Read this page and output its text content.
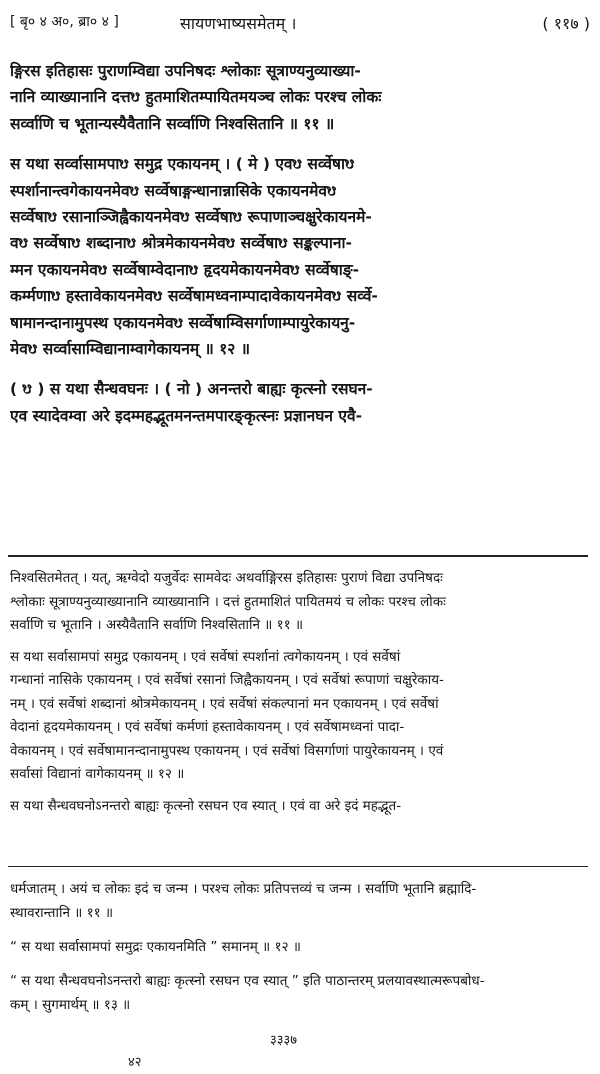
[ बृ० ४ अ०, ब्रा० ४ ]	सायणभाष्यसमेतम् ।	( ११७ )
ङ्गिरस इतिहासः पुराणम्विद्या उपनिषदः श्लोकाः सूत्राण्यनुव्याख्या-
नानि व्याख्यानानि दत्तᳪ हुतमाशितम्पायितमयञ्च लोकः परश्च लोकः
सर्व्वाणि च भूतान्यस्यैवैतानि सर्व्वाणि निश्वसितानि ॥ ११ ॥
स यथा सर्व्वासामपाᳪ समुद्र एकायनम् । ( मे ) एवᳪ सर्व्वेषाᳪ
स्पर्शानान्त्वगेकायनमेवᳪ सर्व्वेषाङ्गन्धानान्नासिके एकायनमेवᳪ
सर्व्वेषाᳪ रसानाञ्जिह्वैकायनमेवᳪ सर्व्वेषाᳪ रूपाणाञ्चक्षुरेकायनमे-
वᳪ सर्व्वेषाᳪ शब्दानाᳪ श्रोत्रमेकायनमेवᳪ सर्व्वेषाᳪ सङ्कल्पाना-
म्मन एकायनमेवᳪ सर्व्वेषाम्वेदानाᳪ हृदयमेकायनमेवᳪ सर्व्वेषाङ्-
कर्म्मणाᳪ हस्तावेकायनमेवᳪ सर्व्वेषामध्वनाम्पादावेकायनमेवᳪ सर्व्वे-
षामानन्दानामुपस्थ एकायनमेवᳪ सर्व्वेषाम्विसर्गाणाम्पायुरेकायनु-
मेवᳪ सर्व्वासाम्विद्यानाम्वागेकायनम् ॥ १२ ॥
( ᳪ ) स यथा सैन्धवघनः । ( नो ) अनन्तरो बाह्यः कृत्स्नो रसघन-
एव स्यादेवम्वा अरे इदम्महद्भूतमनन्तमपारङ्कृत्स्नः प्रज्ञानघन एवै-
निश्वसितमेतत् । यत्, ऋग्वेदो यजुर्वेदः सामवेदः अथर्वाङ्गिरस इतिहासः पुराणं विद्या उपनिषदः
श्लोकाः सूत्राण्यनुव्याख्यानानि व्याख्यानानि । दत्तं हुतमाशितं पायितमयं च लोकः परश्च लोकः
सर्वाणि च भूतानि । अस्यैवैतानि सर्वाणि निश्वसितानि ॥ ११ ॥
स यथा सर्वासामपां समुद्र एकायनम् । एवं सर्वेषां स्पर्शानां त्वगेकायनम् । एवं सर्वेषां
गन्धानां नासिके एकायनम् । एवं सर्वेषां रसानां जिह्वैकायनम् । एवं सर्वेषां रूपाणां चक्षुरेकाय-
नम् । एवं सर्वेषां शब्दानां श्रोत्रमेकायनम् । एवं सर्वेषां संकल्पानां मन एकायनम् । एवं सर्वेषां
वेदानां हृदयमेकायनम् । एवं सर्वेषां कर्मणां हस्तावेकायनम् । एवं सर्वेषामध्वनां पादा-
वेकायनम् । एवं सर्वेषामानन्दानामुपस्थ एकायनम् । एवं सर्वेषां विसर्गाणां पायुरेकायनम् । एवं
सर्वासां विद्यानां वागेकायनम् ॥ १२ ॥
स यथा सैन्धवघनोऽनन्तरो बाह्यः कृत्स्नो रसघन एव स्यात् । एवं वा अरे इदं महद्भूत-
धर्मजातम् । अयं च लोकः इदं च जन्म । परश्च लोकः प्रतिपत्तव्यं च जन्म । सर्वाणि भूतानि ब्रह्मादि-
स्थावरान्तानि ॥ ११ ॥
“ स यथा सर्वासामपां समुद्रः एकायनमिति ” समानम् ॥ १२ ॥
“ स यथा सैन्धवघनोऽनन्तरो बाह्यः कृत्स्नो रसघन एव स्यात् ” इति पाठान्तरम् प्रलयावस्थात्मरूपबोध-
कम् । सुगमार्थम् ॥ १३ ॥
३३३७
४२
